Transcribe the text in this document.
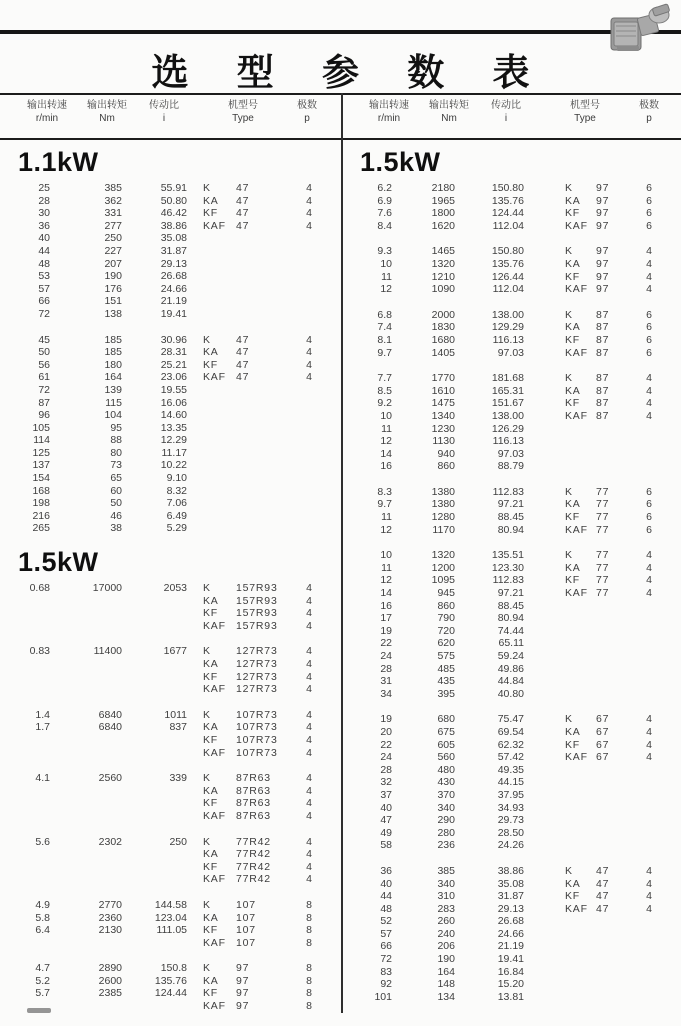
选 型 参 数 表
输出转速
r/min
输出转矩
Nm
传动比
i
机型号
Type
极数
p
输出转速
r/min
输出转矩
Nm
传动比
i
机型号
Type
极数
p
1.1kW
25	385	55.91 K	47	4
28	362	50.80 KA	47	4
30	331	46.42 KF	47	4
36	277	38.86 KAF 47	4
40	250	35.08
44	227	31.87
48	207	29.13
53	190	26.68
57	176	24.66
66	151	21.19
72	138	19.41
45	185	30.96 K	47	4
50	185	28.31 KA	47	4
56	180	25.21 KF	47	4
61	164	23.06 KAF 47	4
72	139	19.55
87	115	16.06
96	104	14.60
105	95	13.35
114	88	12.29
125	80	11.17
137	73	10.22
154	65	9.10
168	60	8.32
198	50	7.06
216	46	6.49
265	38	5.29
1.5kW
0.68	17000	2053 K	157R93	4
KA	157R93	4
KF	157R93	4
KAF 157R93	4
0.83	11400	1677 K	127R73	4
KA	127R73	4
KF	127R73	4
KAF 127R73	4
1.4	6840	1011 K	107R73	4
1.7	6840	837 KA	107R73	4
KF	107R73	4
KAF 107R73	4
4.1	2560	339 K	87R63	4
KA	87R63	4
KF	87R63	4
KAF 87R63	4
5.6	2302	250 K	77R42	4
KA	77R42	4
KF	77R42	4
KAF 77R42	4
4.9	2770	144.58 K	107	8
5.8	2360	123.04 KA	107	8
6.4	2130	111.05 KF	107	8
KAF 107	8
4.7	2890	150.8 K	97	8
5.2	2600	135.76 KA	97	8
5.7	2385	124.44 KF	97	8
KAF 97	8
1.5kW
6.2	2180	150.80	K	97	6
6.9	1965	135.76	KA	97	6
7.6	1800	124.44	KF	97	6
8.4	1620	112.04	KAF 97	6
9.3	1465	150.80	K	97	4
10	1320	135.76	KA	97	4
11	1210	126.44	KF	97	4
12	1090	112.04	KAF 97	4
6.8	2000	138.00	K	87	6
7.4	1830	129.29	KA	87	6
8.1	1680	116.13	KF	87	6
9.7	1405	97.03	KAF 87	6
7.7	1770	181.68	K	87	4
8.5	1610	165.31	KA	87	4
9.2	1475	151.67	KF	87	4
10	1340	138.00	KAF 87	4
11	1230	126.29
12	1130	116.13
14	940	97.03
16	860	88.79
8.3	1380	112.83	K	77	6
9.7	1380	97.21	KA	77	6
11	1280	88.45	KF	77	6
12	1170	80.94	KAF 77	6
10	1320	135.51	K	77	4
11	1200	123.30	KA	77	4
12	1095	112.83	KF	77	4
14	945	97.21	KAF 77	4
16	860	88.45
17	790	80.94
19	720	74.44
22	620	65.11
24	575	59.24
28	485	49.86
31	435	44.84
34	395	40.80
19	680	75.47	K	67	4
20	675	69.54	KA	67	4
22	605	62.32	KF	67	4
24	560	57.42	KAF 67	4
28	480	49.35
32	430	44.15
37	370	37.95
40	340	34.93
47	290	29.73
49	280	28.50
58	236	24.26
36	385	38.86	K	47	4
40	340	35.08	KA	47	4
44	310	31.87	KF	47	4
48	283	29.13	KAF 47	4
52	260	26.68
57	240	24.66
66	206	21.19
72	190	19.41
83	164	16.84
92	148	15.20
101	134	13.81
